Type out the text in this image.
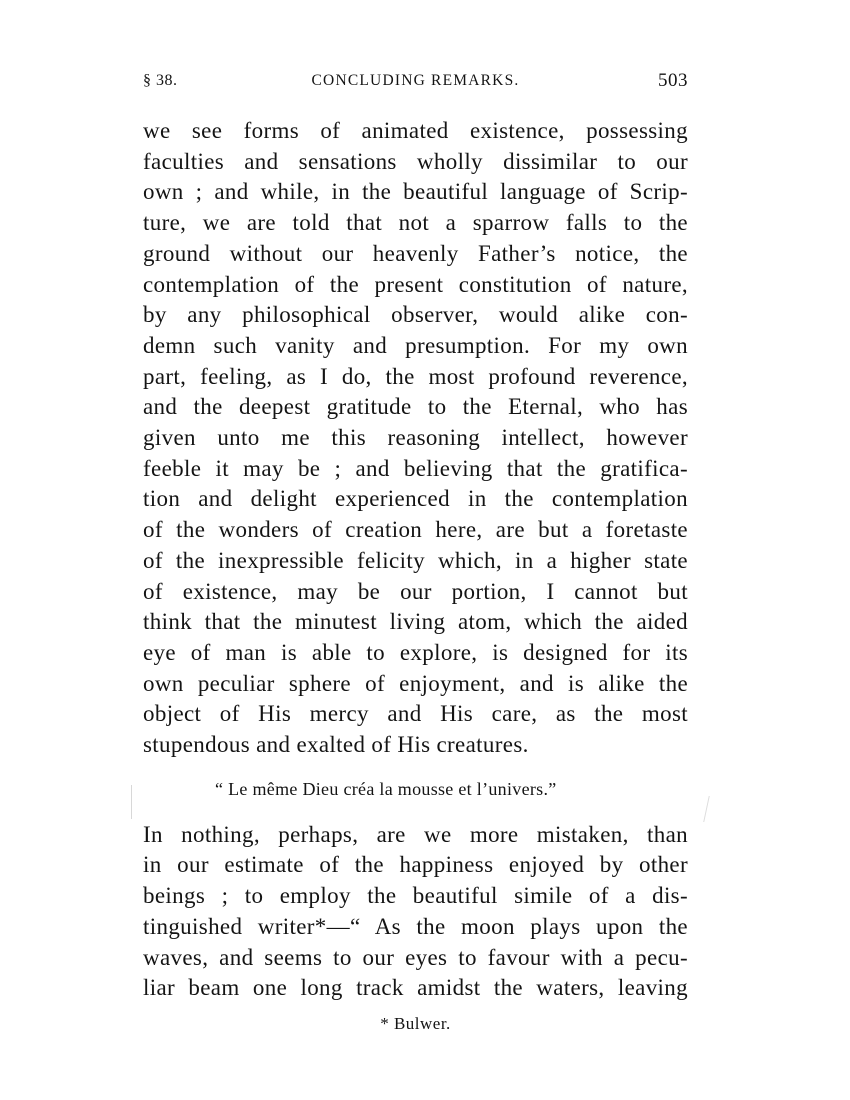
§ 38.	CONCLUDING REMARKS.	503
we see forms of animated existence, possessing
faculties and sensations wholly dissimilar to our
own ; and while, in the beautiful language of Scrip-
ture, we are told that not a sparrow falls to the
ground without our heavenly Father’s notice, the
contemplation of the present constitution of nature,
by any philosophical observer, would alike con-
demn such vanity and presumption. For my own
part, feeling, as I do, the most profound reverence,
and the deepest gratitude to the Eternal, who has
given unto me this reasoning intellect, however
feeble it may be ; and believing that the gratifica-
tion and delight experienced in the contemplation
of the wonders of creation here, are but a foretaste
of the inexpressible felicity which, in a higher state
of existence, may be our portion, I cannot but
think that the minutest living atom, which the aided
eye of man is able to explore, is designed for its
own peculiar sphere of enjoyment, and is alike the
object of His mercy and His care, as the most
stupendous and exalted of His creatures.
“ Le même Dieu créa la mousse et l’univers.”
In nothing, perhaps, are we more mistaken, than
in our estimate of the happiness enjoyed by other
beings ; to employ the beautiful simile of a dis-
tinguished writer*—“ As the moon plays upon the
waves, and seems to our eyes to favour with a pecu-
liar beam one long track amidst the waters, leaving
* Bulwer.
